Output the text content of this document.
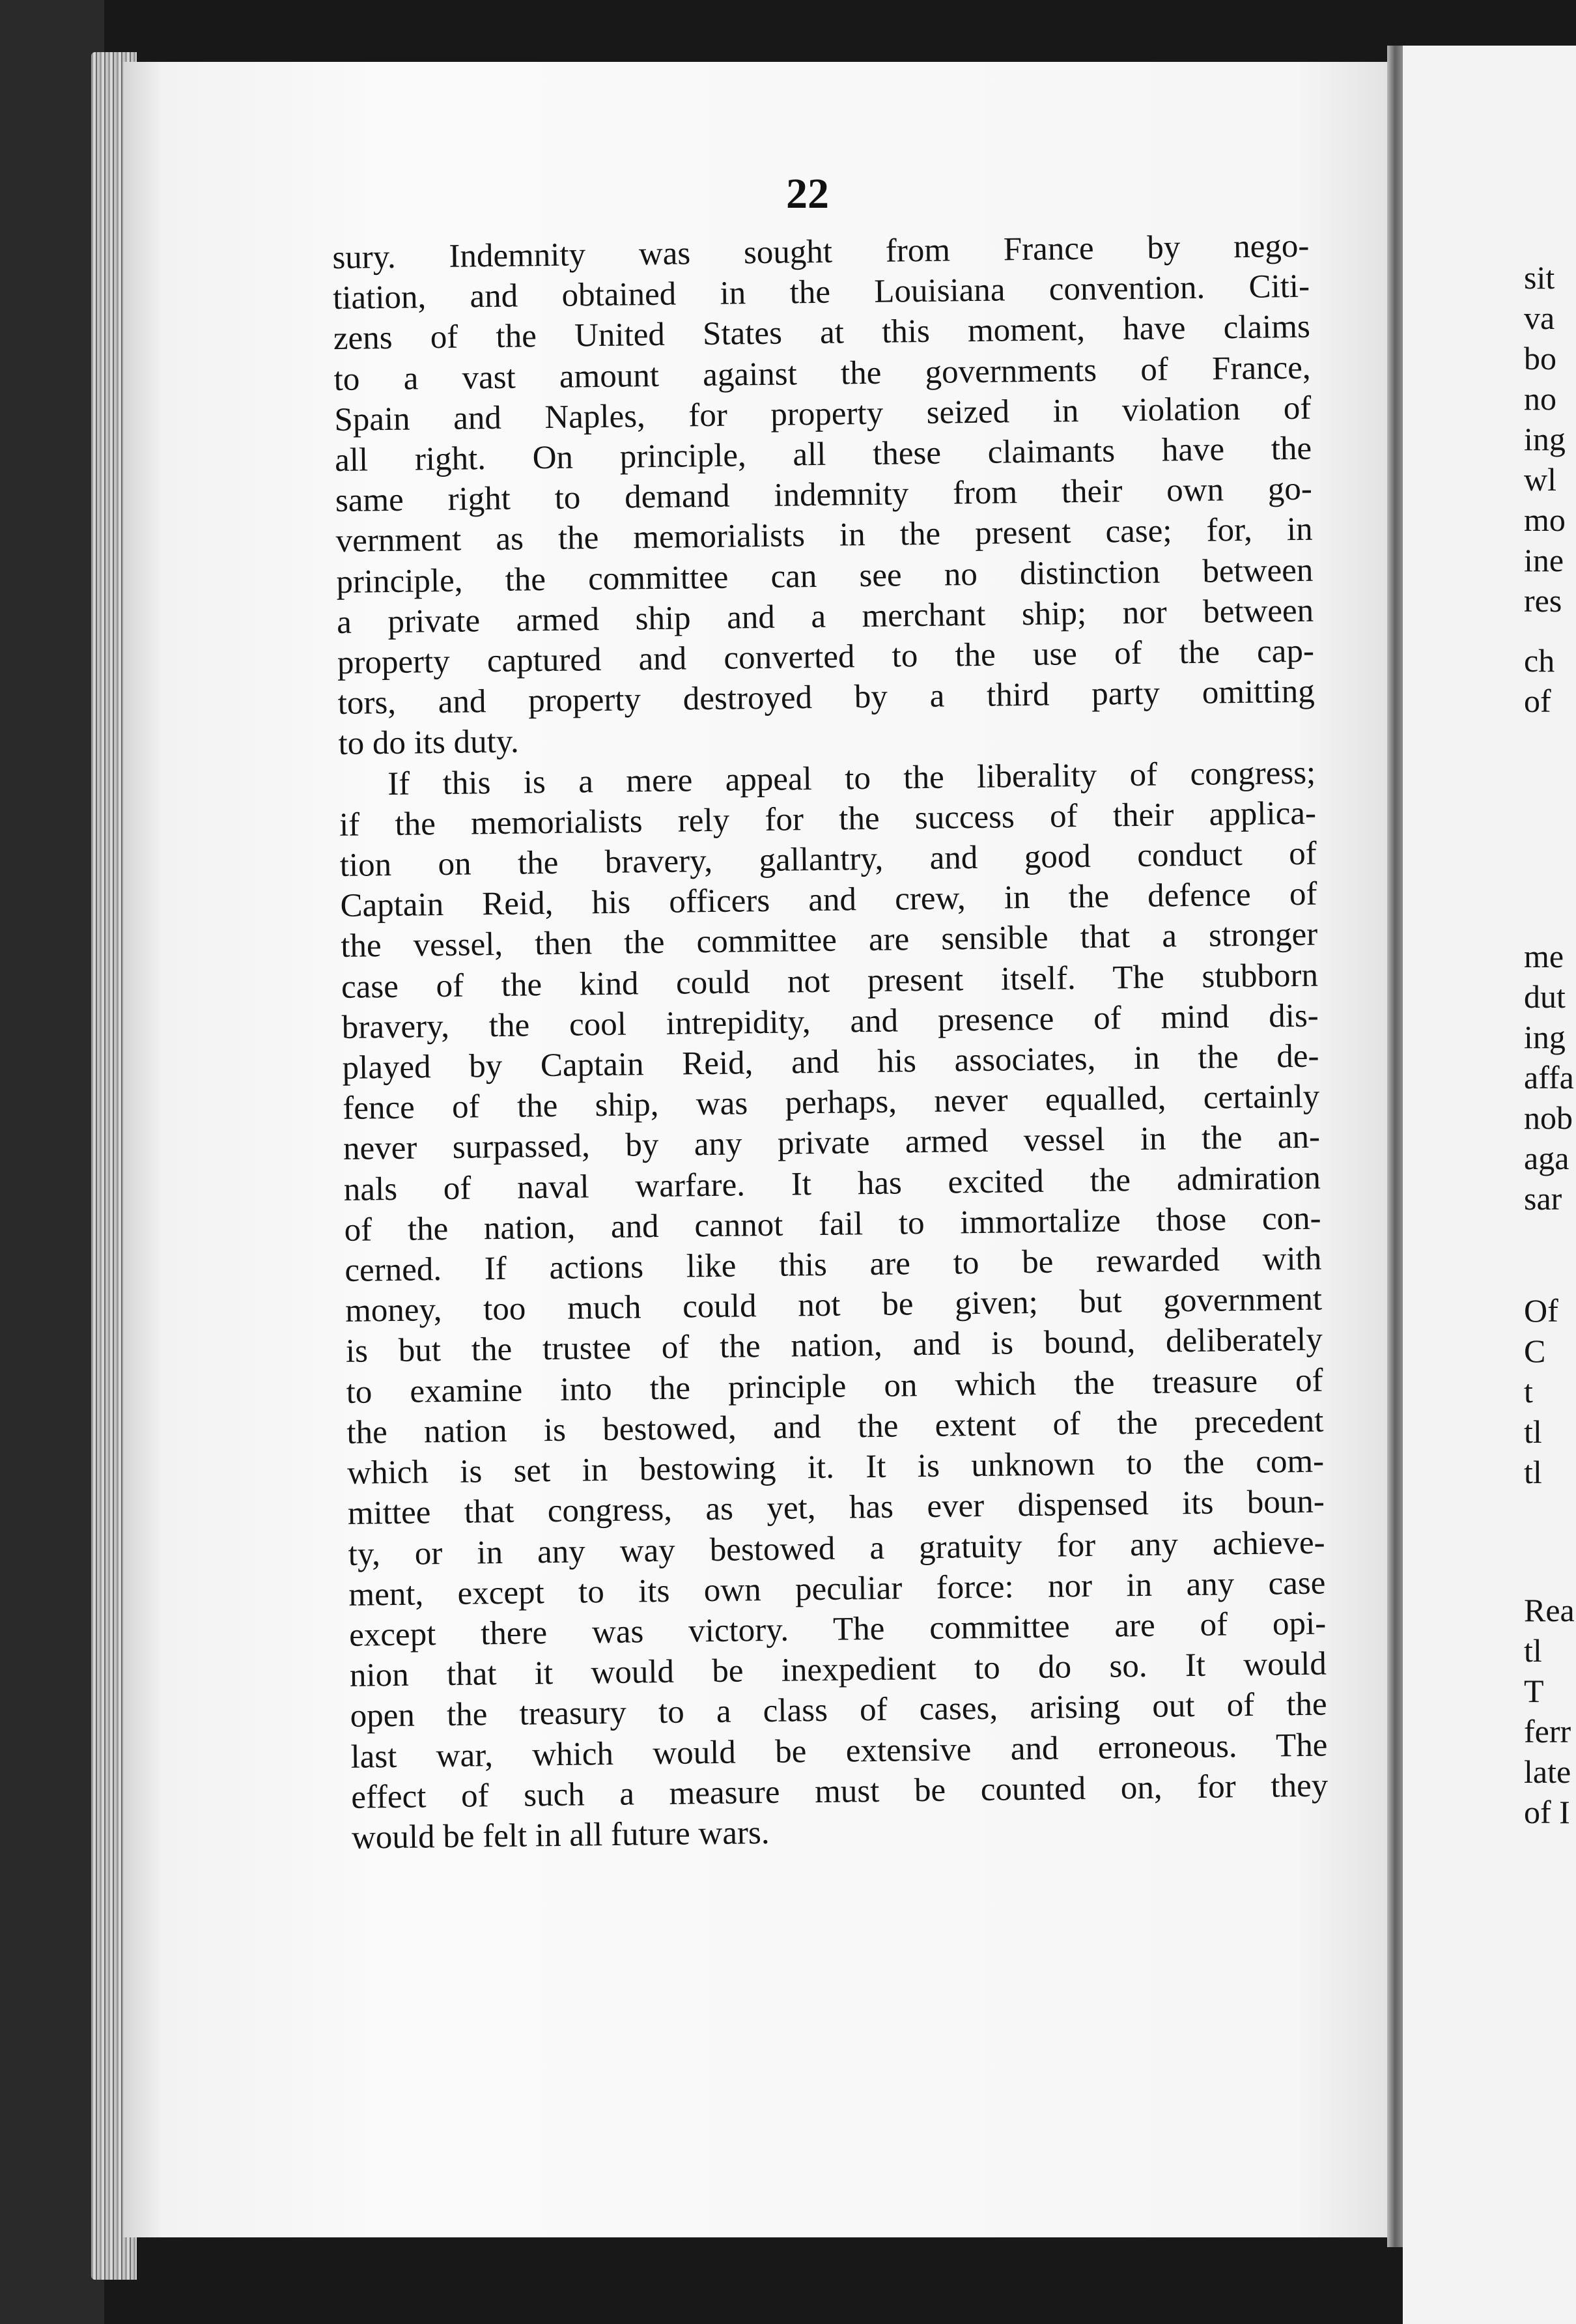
22
sury. Indemnity was sought from France by nego-
tiation, and obtained in the Louisiana convention. Citi-
zens of the United States at this moment, have claims
to a vast amount against the governments of France,
Spain and Naples, for property seized in violation of
all right. On principle, all these claimants have the
same right to demand indemnity from their own go-
vernment as the memorialists in the present case; for, in
principle, the committee can see no distinction between
a private armed ship and a merchant ship; nor between
property captured and converted to the use of the cap-
tors, and property destroyed by a third party omitting
to do its duty.
If this is a mere appeal to the liberality of congress;
if the memorialists rely for the success of their applica-
tion on the bravery, gallantry, and good conduct of
Captain Reid, his officers and crew, in the defence of
the vessel, then the committee are sensible that a stronger
case of the kind could not present itself. The stubborn
bravery, the cool intrepidity, and presence of mind dis-
played by Captain Reid, and his associates, in the de-
fence of the ship, was perhaps, never equalled, certainly
never surpassed, by any private armed vessel in the an-
nals of naval warfare. It has excited the admiration
of the nation, and cannot fail to immortalize those con-
cerned. If actions like this are to be rewarded with
money, too much could not be given; but government
is but the trustee of the nation, and is bound, deliberately
to examine into the principle on which the treasure of
the nation is bestowed, and the extent of the precedent
which is set in bestowing it. It is unknown to the com-
mittee that congress, as yet, has ever dispensed its boun-
ty, or in any way bestowed a gratuity for any achieve-
ment, except to its own peculiar force: nor in any case
except there was victory. The committee are of opi-
nion that it would be inexpedient to do so. It would
open the treasury to a class of cases, arising out of the
last war, which would be extensive and erroneous. The
effect of such a measure must be counted on, for they
would be felt in all future wars.
sit
va
bo
no
ing
wl
mo
ine
res
ch
of
me
dut
ing
affa
nob
aga
sar
Of
C
t
tl
tl
Rea
tl
T
ferr
late
of I
